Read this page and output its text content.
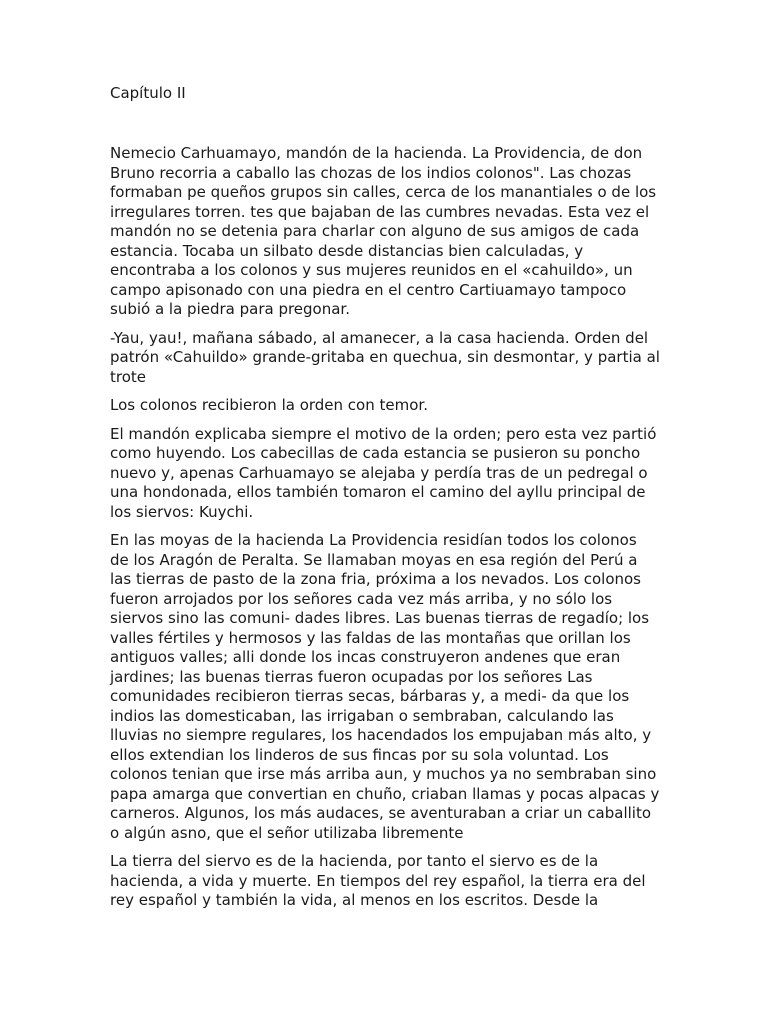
Capítulo II

Nemecio Carhuamayo, mandón de la hacienda. La Providencia, de don Bruno recorria a caballo las chozas de los indios colonos". Las chozas formaban pe queños grupos sin calles, cerca de los manantiales o de los irregulares torren. tes que bajaban de las cumbres nevadas. Esta vez el mandón no se detenia para charlar con alguno de sus amigos de cada estancia. Tocaba un silbato desde distancias bien calculadas, y encontraba a los colonos y sus mujeres reunidos en el «cahuildo», un campo apisonado con una piedra en el centro Cartiuamayo tampoco subió a la piedra para pregonar.

-Yau, yau!, mañana sábado, al amanecer, a la casa hacienda. Orden del patrón «Cahuildo» grande-gritaba en quechua, sin desmontar, y partia al trote

Los colonos recibieron la orden con temor.

El mandón explicaba siempre el motivo de la orden; pero esta vez partió como huyendo. Los cabecillas de cada estancia se pusieron su poncho nuevo y, apenas Carhuamayo se alejaba y perdía tras de un pedregal o una hondonada, ellos también tomaron el camino del ayllu principal de los siervos: Kuychi.

En las moyas de la hacienda La Providencia residían todos los colonos de los Aragón de Peralta. Se llamaban moyas en esa región del Perú a las tierras de pasto de la zona fria, próxima a los nevados. Los colonos fueron arrojados por los señores cada vez más arriba, y no sólo los siervos sino las comuni- dades libres. Las buenas tierras de regadío; los valles fértiles y hermosos y las faldas de las montañas que orillan los antiguos valles; alli donde los incas construyeron andenes que eran jardines; las buenas tierras fueron ocupadas por los señores Las comunidades recibieron tierras secas, bárbaras y, a medi- da que los indios las domesticaban, las irrigaban o sembraban, calculando las lluvias no siempre regulares, los hacendados los empujaban más alto, y ellos extendian los linderos de sus fincas por su sola voluntad. Los colonos tenian que irse más arriba aun, y muchos ya no sembraban sino papa amarga que convertian en chuño, criaban llamas y pocas alpacas y carneros. Algunos, los más audaces, se aventuraban a criar un caballito o algún asno, que el señor utilizaba libremente

La tierra del siervo es de la hacienda, por tanto el siervo es de la hacienda, a vida y muerte. En tiempos del rey español, la tierra era del rey español y también la vida, al menos en los escritos. Desde la
